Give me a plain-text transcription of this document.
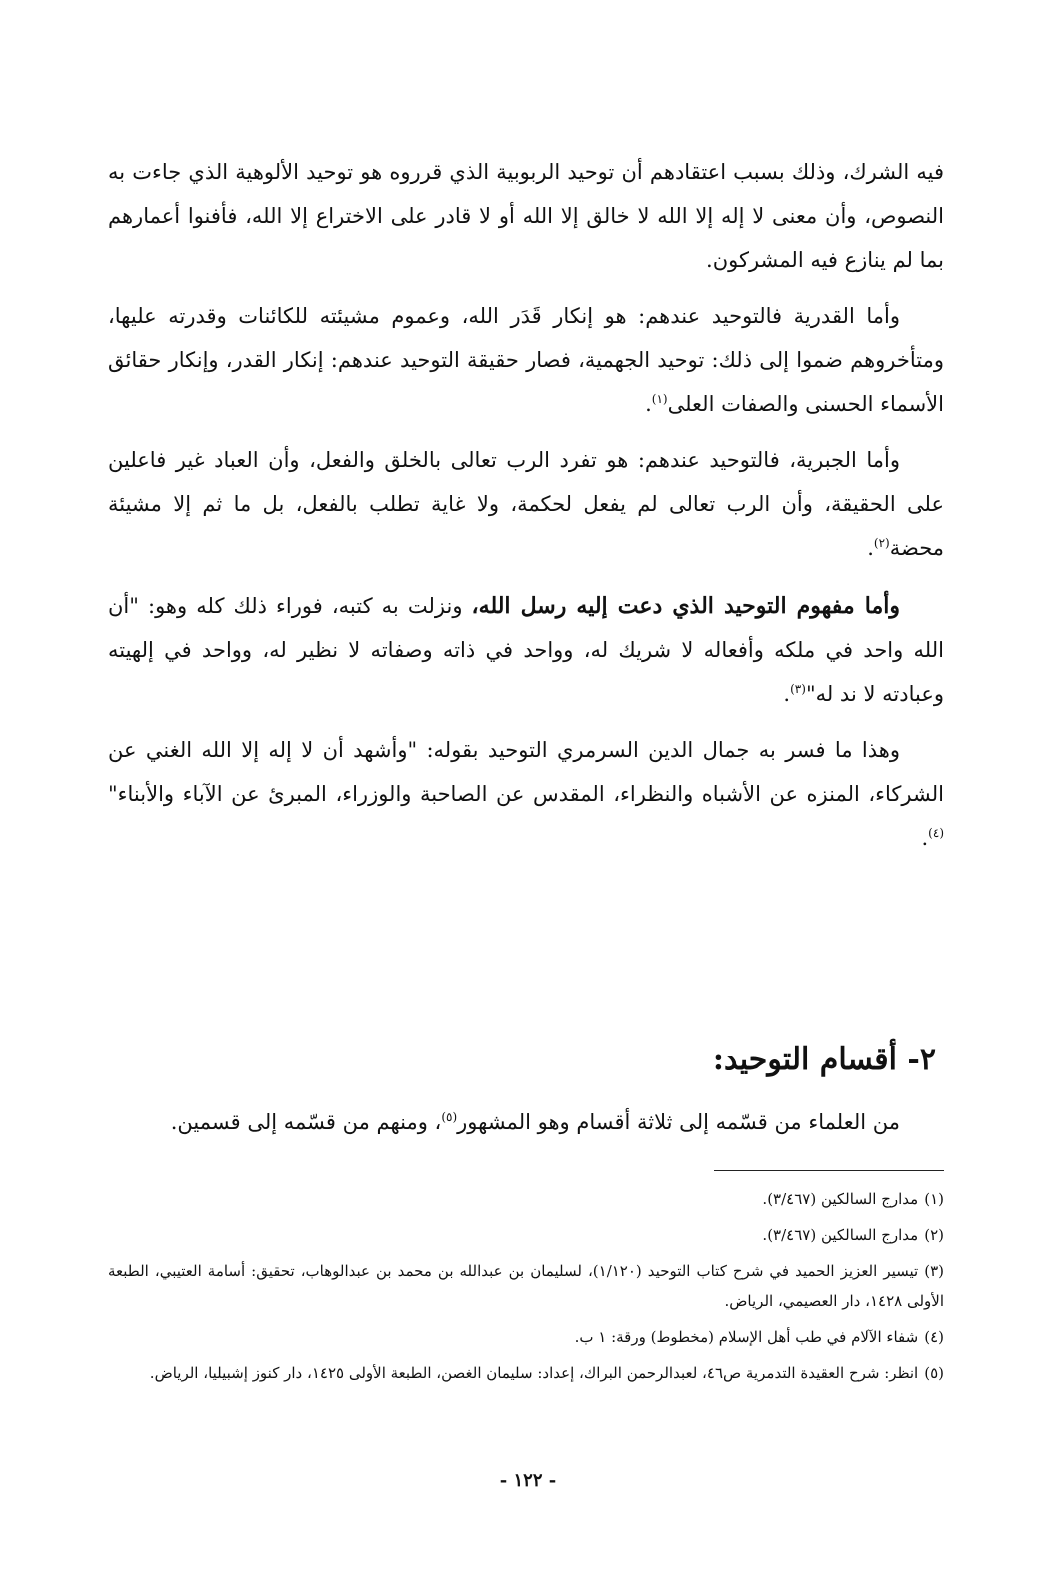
فيه الشرك، وذلك بسبب اعتقادهم أن توحيد الربوبية الذي قرروه هو توحيد الألوهية الذي جاءت به النصوص، وأن معنى لا إله إلا الله لا خالق إلا الله أو لا قادر على الاختراع إلا الله، فأفنوا أعمارهم بما لم ينازع فيه المشركون.

وأما القدرية فالتوحيد عندهم: هو إنكار قَدَر الله، وعموم مشيئته للكائنات وقدرته عليها، ومتأخروهم ضموا إلى ذلك: توحيد الجهمية، فصار حقيقة التوحيد عندهم: إنكار القدر، وإنكار حقائق الأسماء الحسنى والصفات العلى$^{(١)}$.

وأما الجبرية، فالتوحيد عندهم: هو تفرد الرب تعالى بالخلق والفعل، وأن العباد غير فاعلين على الحقيقة، وأن الرب تعالى لم يفعل لحكمة، ولا غاية تطلب بالفعل، بل ما ثم إلا مشيئة محضة$^{(٢)}$.

وأما مفهوم التوحيد الذي دعت إليه رسل الله، ونزلت به كتبه، فوراء ذلك كله وهو: "أن الله واحد في ملكه وأفعاله لا شريك له، وواحد في ذاته وصفاته لا نظير له، وواحد في إلهيته وعبادته لا ند له"$^{(٣)}$.

وهذا ما فسر به جمال الدين السرمري التوحيد بقوله: "وأشهد أن لا إله إلا الله الغني عن الشركاء، المنزه عن الأشباه والنظراء، المقدس عن الصاحبة والوزراء، المبرئ عن الآباء والأبناء"$^{(٤)}$.

٢- أقسام التوحيد:

من العلماء من قسّمه إلى ثلاثة أقسام وهو المشهور$^{(٥)}$، ومنهم من قسّمه إلى قسمين.

(١)مدارج السالكين (٣/٤٦٧).
(٢)مدارج السالكين (٣/٤٦٧).
(٣)تيسير العزيز الحميد في شرح كتاب التوحيد (١/١٢٠)، لسليمان بن عبدالله بن محمد بن عبدالوهاب، تحقيق: أسامة العتيبي، الطبعة الأولى ١٤٢٨، دار العصيمي، الرياض.
(٤)شفاء الآلام في طب أهل الإسلام (مخطوط) ورقة: ١ ب.
(٥)انظر: شرح العقيدة التدمرية ص٤٦، لعبدالرحمن البراك، إعداد: سليمان الغصن، الطبعة الأولى ١٤٢٥، دار كنوز إشبيليا، الرياض.
- ١٢٢ -
